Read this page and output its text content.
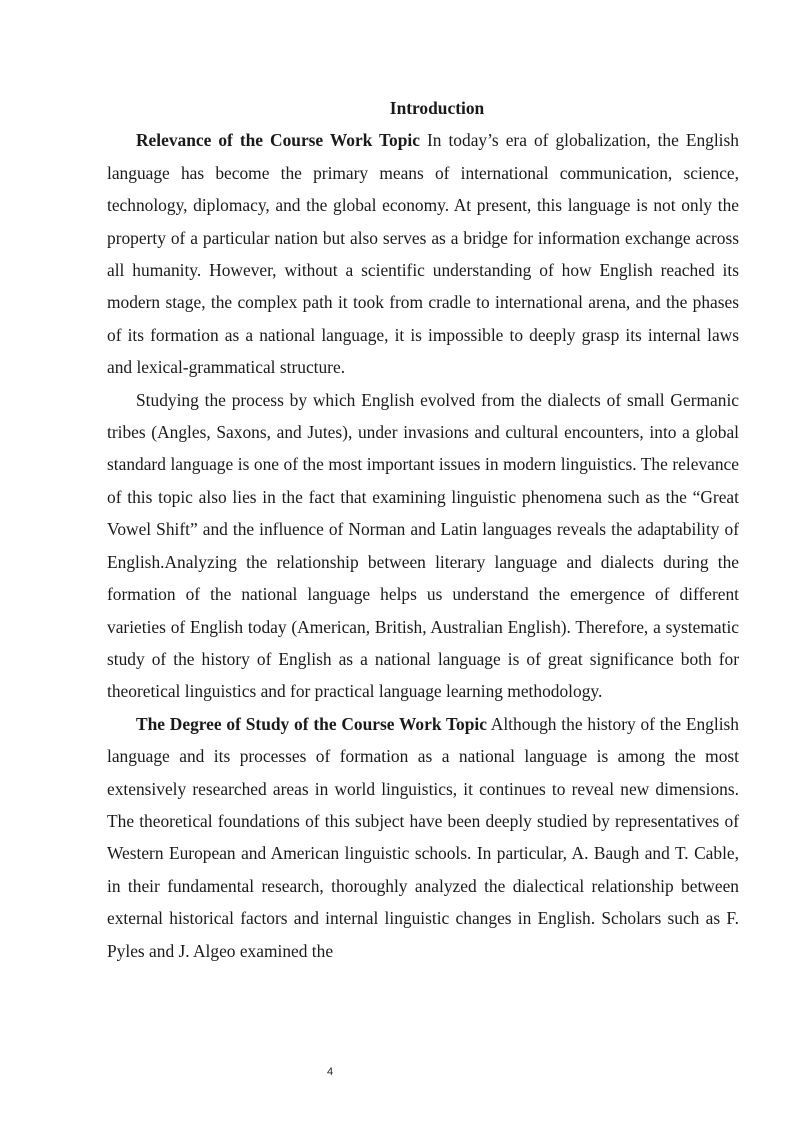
Introduction

Relevance of the Course Work Topic In today’s era of globalization, the English language has become the primary means of international communication, science, technology, diplomacy, and the global economy. At present, this language is not only the property of a particular nation but also serves as a bridge for information exchange across all humanity. However, without a scientific understanding of how English reached its modern stage, the complex path it took from cradle to international arena, and the phases of its formation as a national language, it is impossible to deeply grasp its internal laws and lexical-grammatical structure.

Studying the process by which English evolved from the dialects of small Germanic tribes (Angles, Saxons, and Jutes), under invasions and cultural encounters, into a global standard language is one of the most important issues in modern linguistics. The relevance of this topic also lies in the fact that examining linguistic phenomena such as the “Great Vowel Shift” and the influence of Norman and Latin languages reveals the adaptability of English.Analyzing the relationship between literary language and dialects during the formation of the national language helps us understand the emergence of different varieties of English today (American, British, Australian English). Therefore, a systematic study of the history of English as a national language is of great significance both for theoretical linguistics and for practical language learning methodology.

The Degree of Study of the Course Work Topic Although the history of the English language and its processes of formation as a national language is among the most extensively researched areas in world linguistics, it continues to reveal new dimensions. The theoretical foundations of this subject have been deeply studied by representatives of Western European and American linguistic schools. In particular, A. Baugh and T. Cable, in their fundamental research, thoroughly analyzed the dialectical relationship between external historical factors and internal linguistic changes in English. Scholars such as F. Pyles and J. Algeo examined the

4
